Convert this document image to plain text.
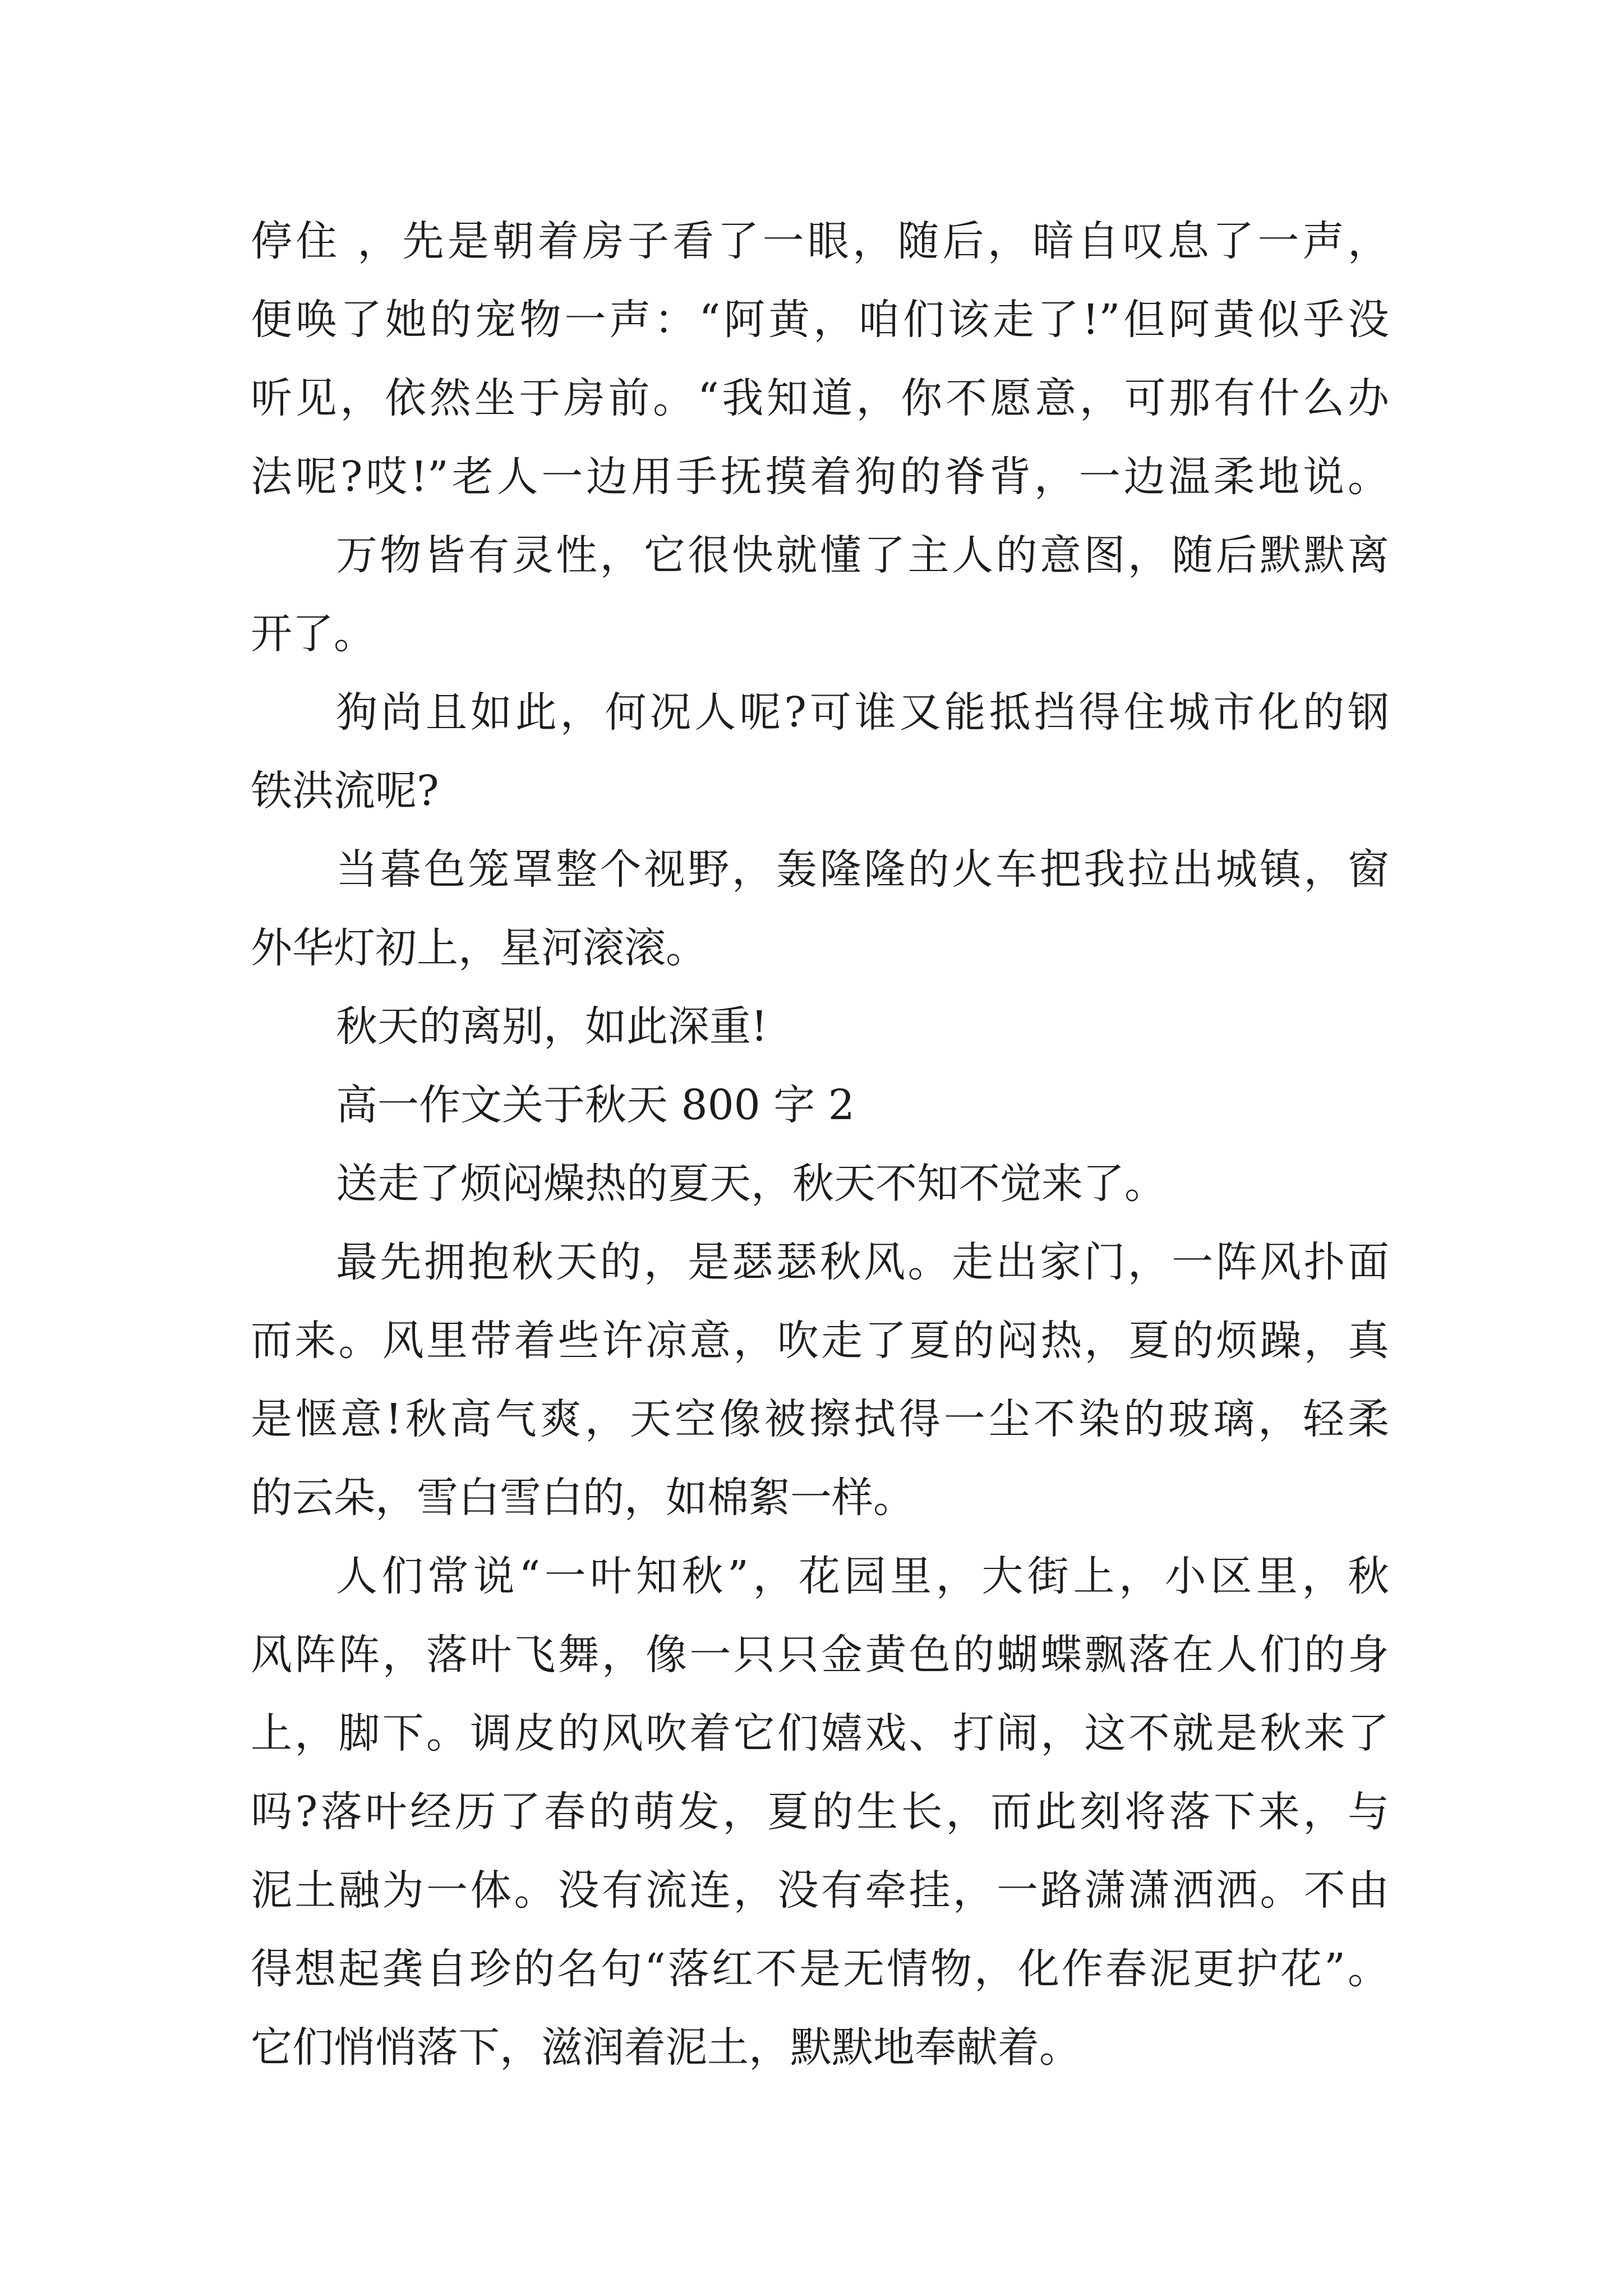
停住 ，先是朝着房子看了一眼，随后，暗自叹息了一声，
便唤了她的宠物一声：“阿黄，咱们该走了!”但阿黄似乎没
听见，依然坐于房前。“我知道，你不愿意，可那有什么办
法呢?哎!”老人一边用手抚摸着狗的脊背，一边温柔地说。
万物皆有灵性，它很快就懂了主人的意图，随后默默离
开了。
狗尚且如此，何况人呢?可谁又能抵挡得住城市化的钢
铁洪流呢?
当暮色笼罩整个视野，轰隆隆的火车把我拉出城镇，窗
外华灯初上，星河滚滚。
秋天的离别，如此深重!
高一作文关于秋天 800 字 2
送走了烦闷燥热的夏天，秋天不知不觉来了。
最先拥抱秋天的，是瑟瑟秋风。走出家门，一阵风扑面
而来。风里带着些许凉意，吹走了夏的闷热，夏的烦躁，真
是惬意!秋高气爽，天空像被擦拭得一尘不染的玻璃，轻柔
的云朵，雪白雪白的，如棉絮一样。
人们常说“一叶知秋”，花园里，大街上，小区里，秋
风阵阵，落叶飞舞，像一只只金黄色的蝴蝶飘落在人们的身
上，脚下。调皮的风吹着它们嬉戏、打闹，这不就是秋来了
吗?落叶经历了春的萌发，夏的生长，而此刻将落下来，与
泥土融为一体。没有流连，没有牵挂，一路潇潇洒洒。不由
得想起龚自珍的名句“落红不是无情物，化作春泥更护花”。
它们悄悄落下，滋润着泥土，默默地奉献着。
